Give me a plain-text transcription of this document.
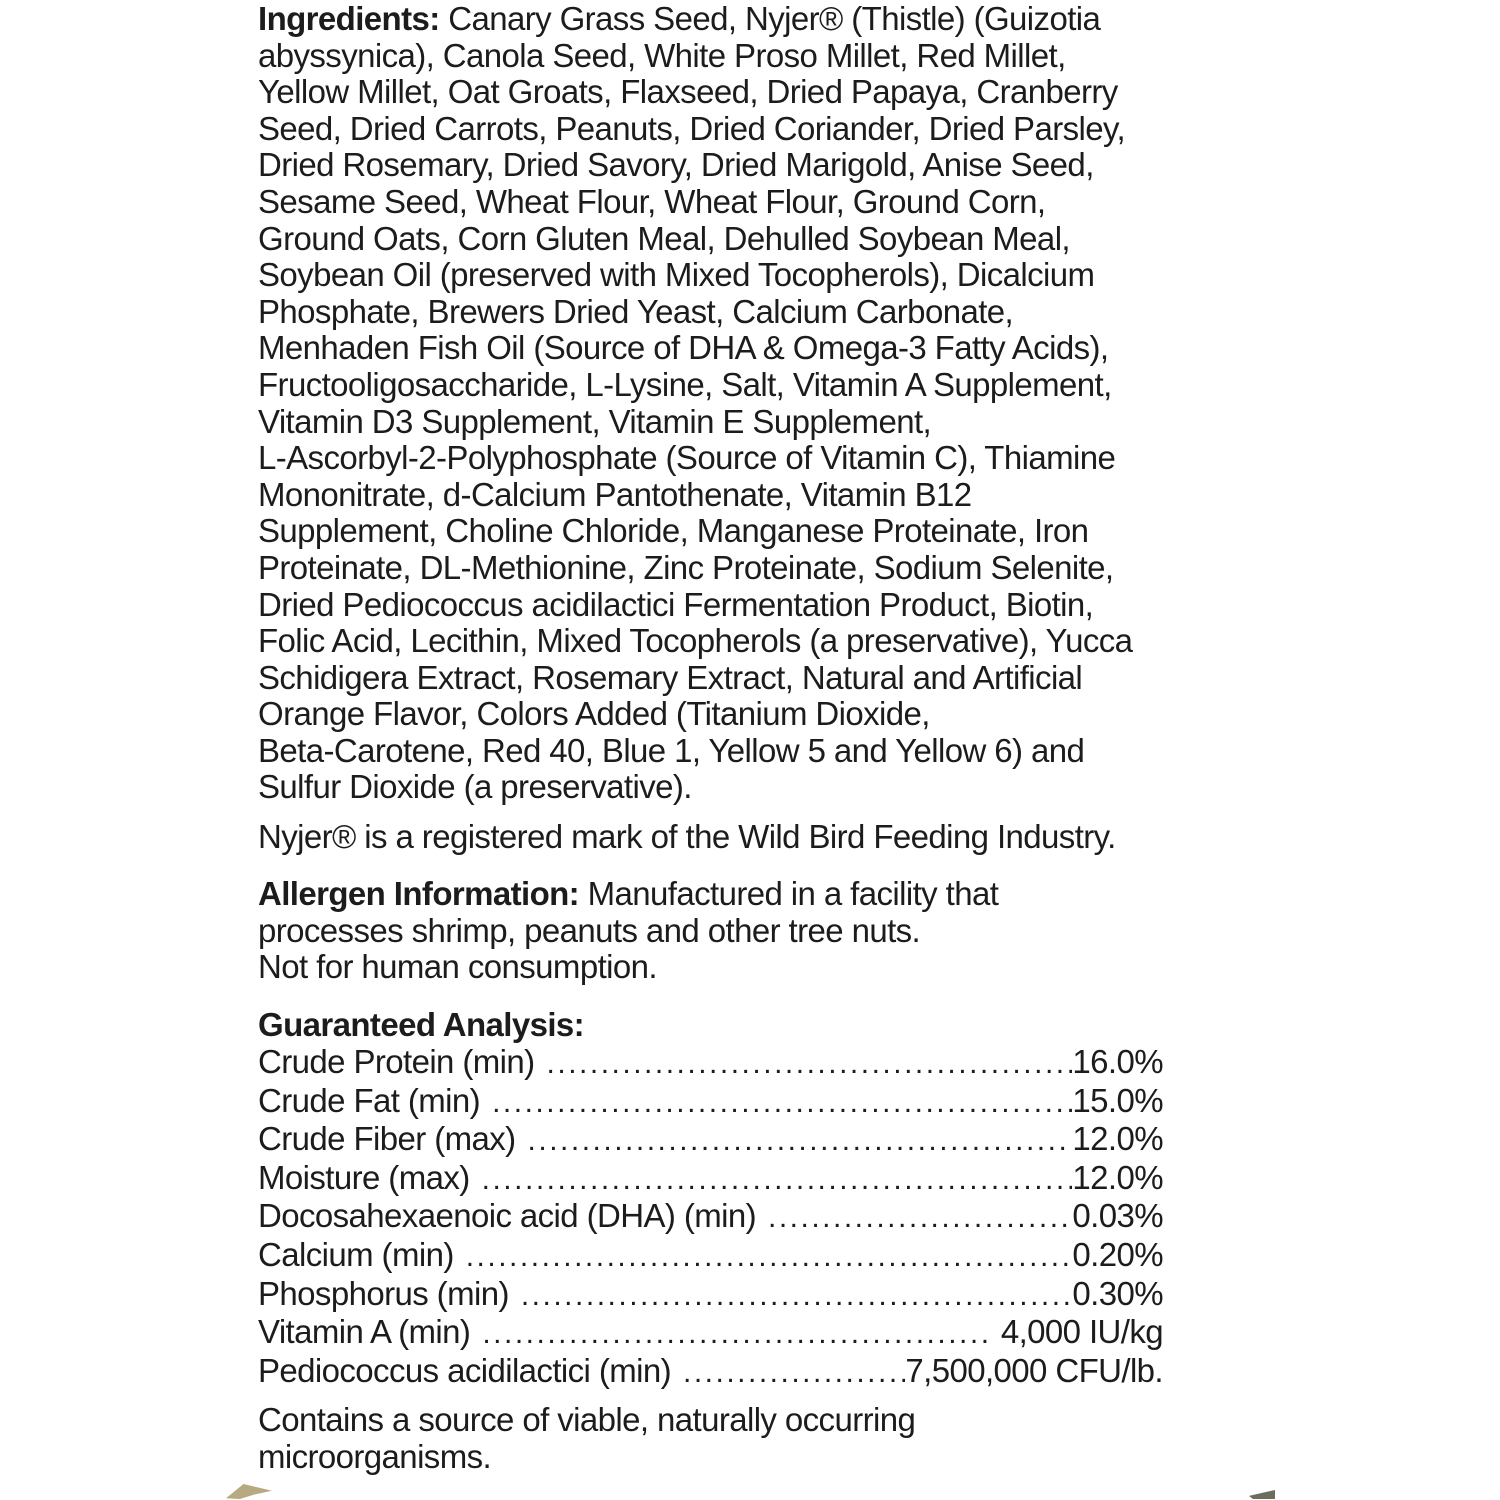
Ingredients: Canary Grass Seed, Nyjer® (Thistle) (Guizotia
abyssynica), Canola Seed, White Proso Millet, Red Millet,
Yellow Millet, Oat Groats, Flaxseed, Dried Papaya, Cranberry
Seed, Dried Carrots, Peanuts, Dried Coriander, Dried Parsley,
Dried Rosemary, Dried Savory, Dried Marigold, Anise Seed,
Sesame Seed, Wheat Flour, Wheat Flour, Ground Corn,
Ground Oats, Corn Gluten Meal, Dehulled Soybean Meal,
Soybean Oil (preserved with Mixed Tocopherols), Dicalcium
Phosphate, Brewers Dried Yeast, Calcium Carbonate,
Menhaden Fish Oil (Source of DHA & Omega-3 Fatty Acids),
Fructooligosaccharide, L-Lysine, Salt, Vitamin A Supplement,
Vitamin D3 Supplement, Vitamin E Supplement,
L-Ascorbyl-2-Polyphosphate (Source of Vitamin C), Thiamine
Mononitrate, d-Calcium Pantothenate, Vitamin B12
Supplement, Choline Chloride, Manganese Proteinate, Iron
Proteinate, DL-Methionine, Zinc Proteinate, Sodium Selenite,
Dried Pediococcus acidilactici Fermentation Product, Biotin,
Folic Acid, Lecithin, Mixed Tocopherols (a preservative), Yucca
Schidigera Extract, Rosemary Extract, Natural and Artificial
Orange Flavor, Colors Added (Titanium Dioxide,
Beta-Carotene, Red 40, Blue 1, Yellow 5 and Yellow 6) and
Sulfur Dioxide (a preservative).
Nyjer® is a registered mark of the Wild Bird Feeding Industry.
Allergen Information: Manufactured in a facility that
processes shrimp, peanuts and other tree nuts.
Not for human consumption.
Guaranteed Analysis:
Crude Protein (min) .....	16.0%
Crude Fat (min) .....	15.0%
Crude Fiber (max) .....	12.0%
Moisture (max) .....	12.0%
Docosahexaenoic acid (DHA) (min) .....	0.03%
Calcium (min) .....	0.20%
Phosphorus (min) .....	0.30%
Vitamin A (min) .....	4,000 IU/kg
Pediococcus acidilactici (min) .....	7,500,000 CFU/lb.
Contains a source of viable, naturally occurring
microorganisms.
